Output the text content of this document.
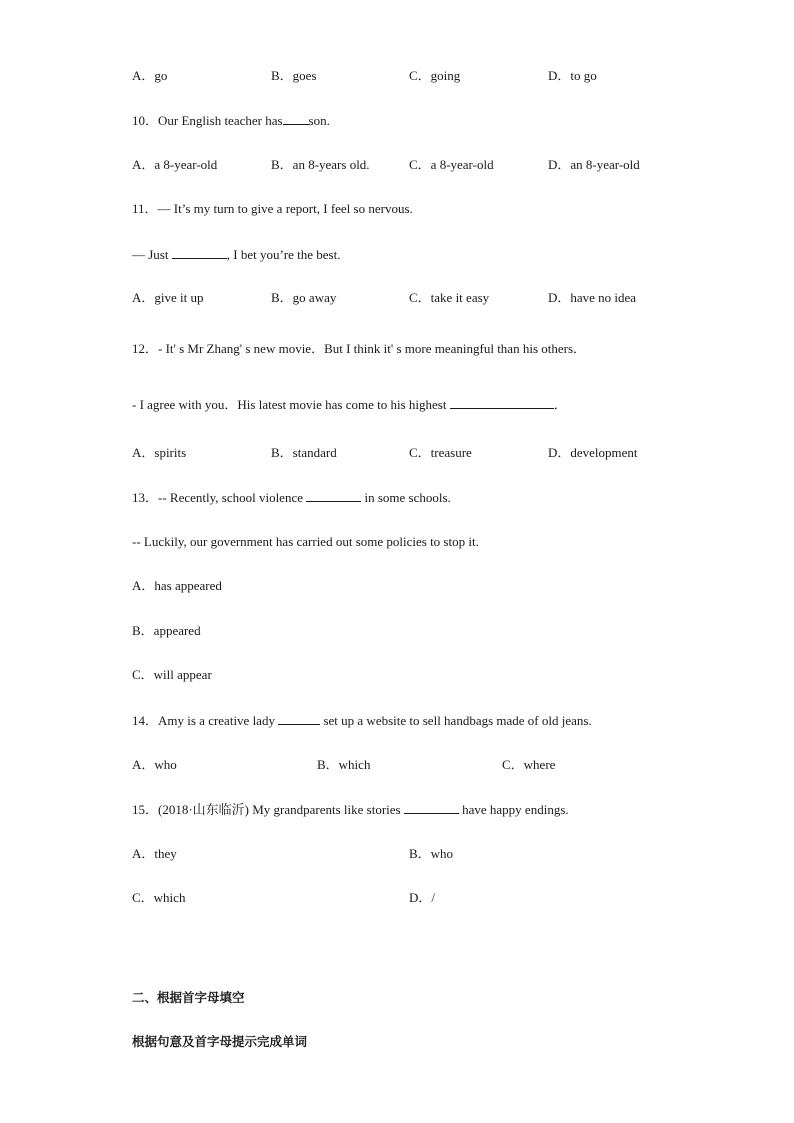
A．go	B．goes	C．going	D．to go
10．Our English teacher has son.
A．a 8-year-old	B．an 8-years old.	C．a 8-year-old	D．an 8-year-old
11．— It’s my turn to give a report, I feel so nervous.
— Just	, I bet you’re the best.
A．give it up	B．go away	C．take it easy	D．have no idea
12．- It' s Mr Zhang' s new movie．But I think it' s more meaningful than his others．
- I agree with you．His latest movie has come to his highest	．
A．spirits	B．standard	C．treasure	D．development
13．-- Recently, school violence	in some schools.
-- Luckily, our government has carried out some policies to stop it.
A．has appeared
B．appeared
C．will appear
14．Amy is a creative lady	set up a website to sell handbags made of old jeans.
A．who	B．which	C．where
15．(2018·山东临沂) My grandparents like stories	have happy endings.
A．they	B．who
C．which	D．/
二、根据首字母填空
根据句意及首字母提示完成单词
